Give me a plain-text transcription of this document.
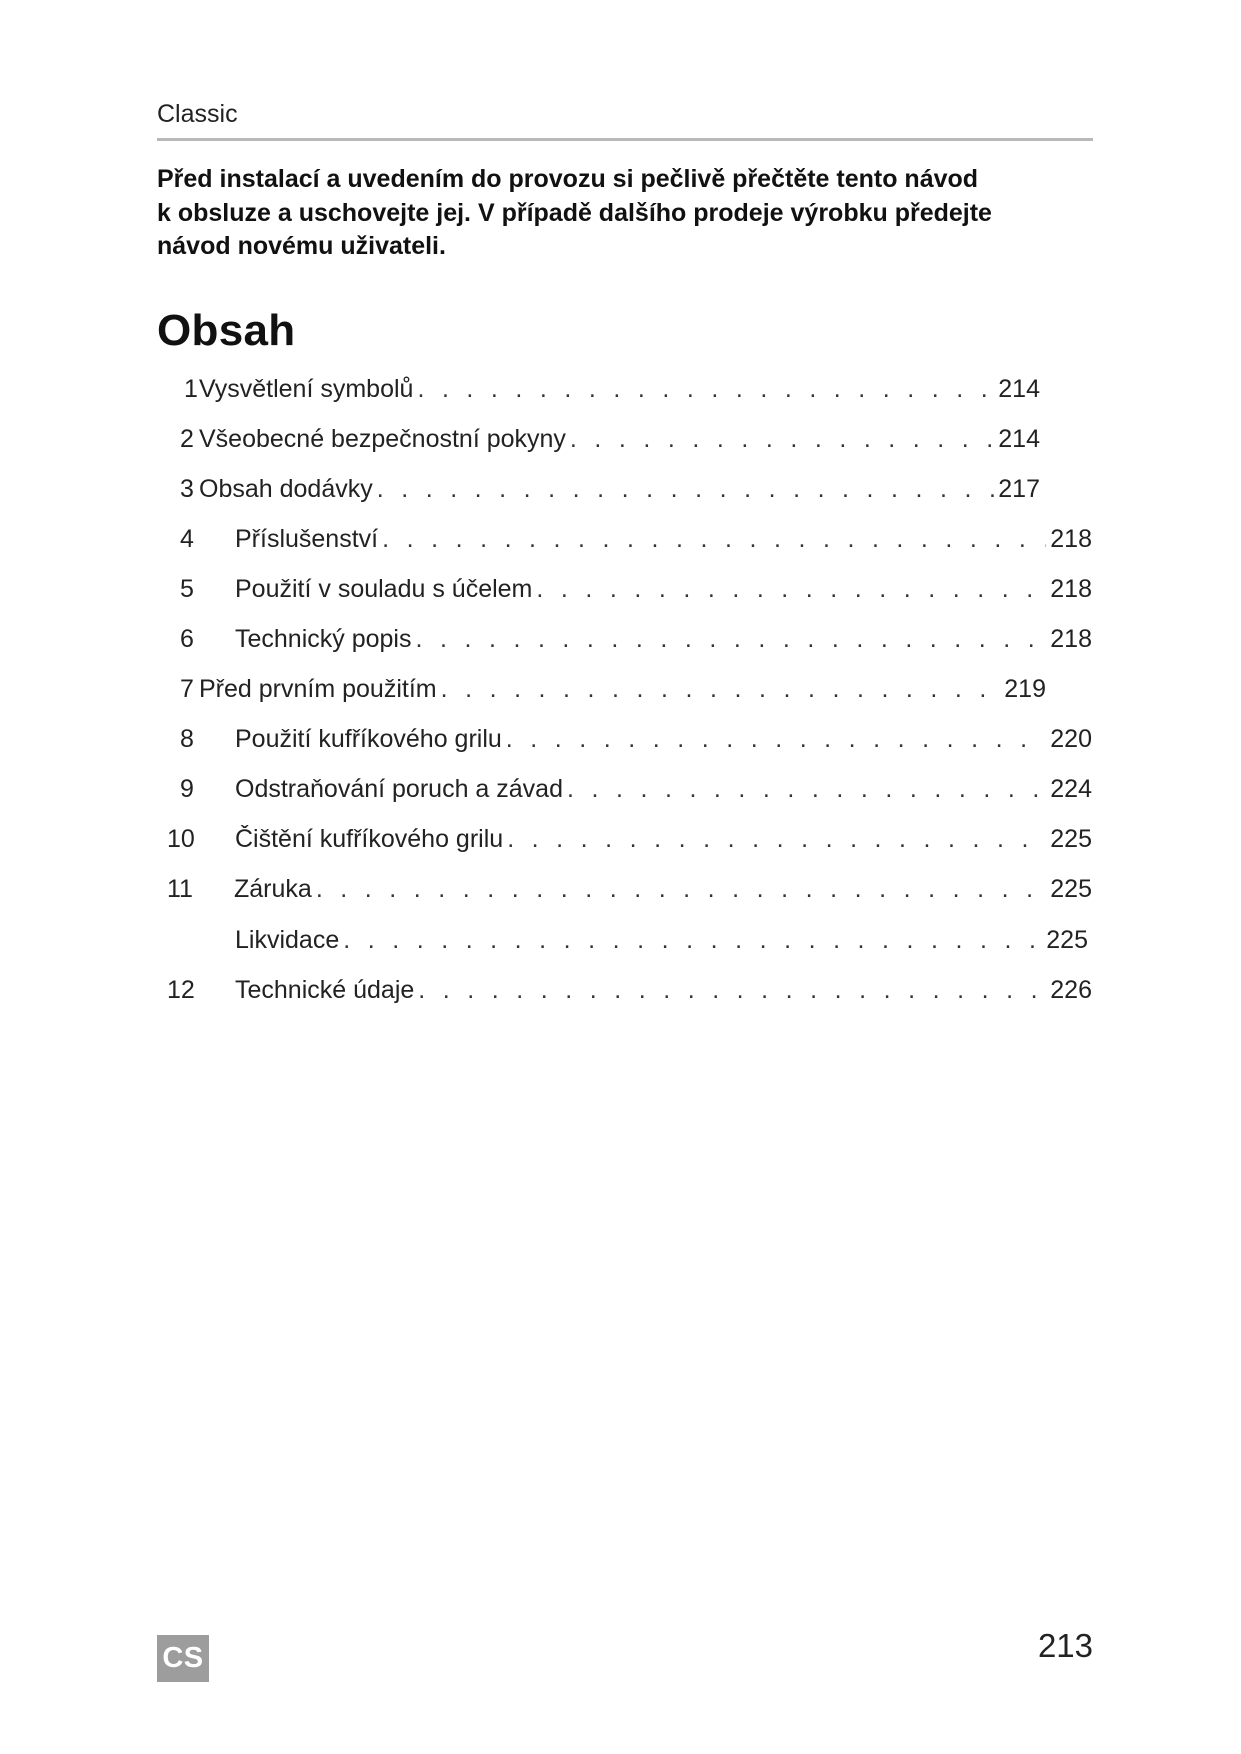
Classic
Před instalací a uvedením do provozu si pečlivě přečtěte tento návod
k obsluze a uschovejte jej. V případě dalšího prodeje výrobku předejte
návod novému uživateli.
Obsah
1 Vysvětlení symbolů . . .	214
2 Všeobecné bezpečnostní pokyny . . .	214
3 Obsah dodávky . . .	217
4	Příslušenství . . .	218
5	Použití v souladu s účelem . . .	218
6	Technický popis . . .	218
7 Před prvním použitím . . .	219
8	Použití kufříkového grilu . . .	220
9	Odstraňování poruch a závad . . .	224
10	Čištění kufříkového grilu . . .	225
11	Záruka . . .	225
Likvidace . . .	225
12	Technické údaje . . .	226
CS	213
